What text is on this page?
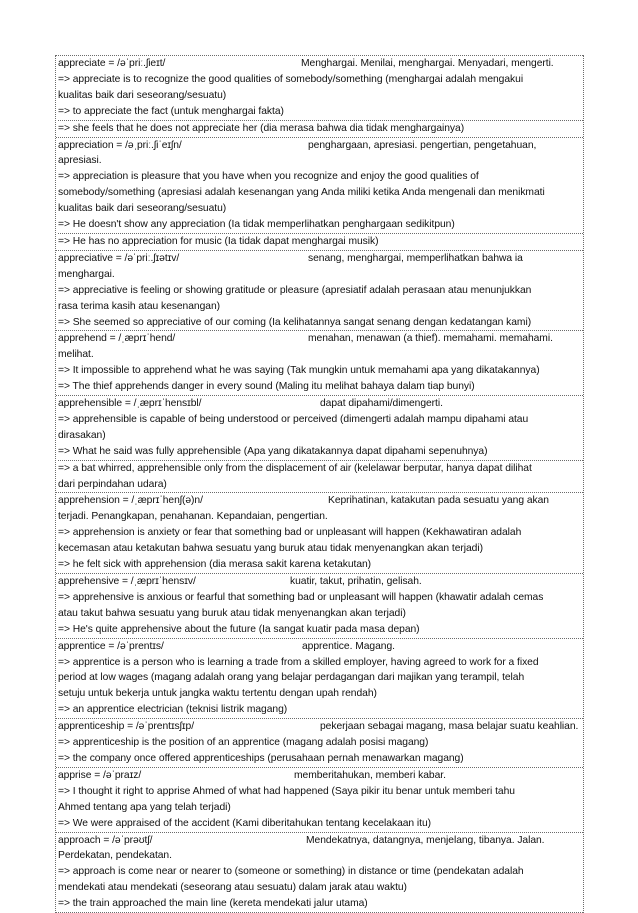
appreciate = /əˈpriː.ʃieɪt/	Menghargai. Menilai, menghargai. Menyadari, mengerti.
=> appreciate is to recognize the good qualities of somebody/something (menghargai adalah mengakui
kualitas baik dari seseorang/sesuatu)
=> to appreciate the fact (untuk menghargai fakta)
=> she feels that he does not appreciate her (dia merasa bahwa dia tidak menghargainya)
appreciation = /əˌpriː.ʃiˈeɪʃn/	penghargaan, apresiasi. pengertian, pengetahuan,
apresiasi.
=> appreciation is pleasure that you have when you recognize and enjoy the good qualities of
somebody/something (apresiasi adalah kesenangan yang Anda miliki ketika Anda mengenali dan menikmati
kualitas baik dari seseorang/sesuatu)
=> He doesn't show any appreciation (Ia tidak memperlihatkan penghargaan sedikitpun)
=> He has no appreciation for music (Ia tidak dapat menghargai musik)
appreciative = /əˈpriː.ʃɪətɪv/	senang, menghargai, memperlihatkan bahwa ia
menghargai.
=> appreciative is feeling or showing gratitude or pleasure (apresiatif adalah perasaan atau menunjukkan
rasa terima kasih atau kesenangan)
=> She seemed so appreciative of our coming (Ia kelihatannya sangat senang dengan kedatangan kami)
apprehend = /ˌæprɪˈhend/	menahan, menawan (a thief). memahami. memahami.
melihat.
=> It impossible to apprehend what he was saying (Tak mungkin untuk memahami apa yang dikatakannya)
=> The thief apprehends danger in every sound (Maling itu melihat bahaya dalam tiap bunyi)
apprehensible = /ˌæprɪˈhensɪbl/	dapat dipahami/dimengerti.
=> apprehensible is capable of being understood or perceived (dimengerti adalah mampu dipahami atau
dirasakan)
=> What he said was fully apprehensible (Apa yang dikatakannya dapat dipahami sepenuhnya)
=> a bat whirred, apprehensible only from the displacement of air (kelelawar berputar, hanya dapat dilihat
dari perpindahan udara)
apprehension = /ˌæprɪˈhenʃ(ə)n/	Keprihatinan, katakutan pada sesuatu yang akan
terjadi. Penangkapan, penahanan. Kepandaian, pengertian.
=> apprehension is anxiety or fear that something bad or unpleasant will happen (Kekhawatiran adalah
kecemasan atau ketakutan bahwa sesuatu yang buruk atau tidak menyenangkan akan terjadi)
=> he felt sick with apprehension (dia merasa sakit karena ketakutan)
apprehensive = /ˌæprɪˈhensɪv/	kuatir, takut, prihatin, gelisah.
=> apprehensive is anxious or fearful that something bad or unpleasant will happen (khawatir adalah cemas
atau takut bahwa sesuatu yang buruk atau tidak menyenangkan akan terjadi)
=> He's quite apprehensive about the future (Ia sangat kuatir pada masa depan)
apprentice = /əˈprentɪs/	apprentice. Magang.
=> apprentice is a person who is learning a trade from a skilled employer, having agreed to work for a fixed
period at low wages (magang adalah orang yang belajar perdagangan dari majikan yang terampil, telah
setuju untuk bekerja untuk jangka waktu tertentu dengan upah rendah)
=> an apprentice electrician (teknisi listrik magang)
apprenticeship = /əˈprentɪsʃɪp/	pekerjaan sebagai magang, masa belajar suatu keahlian.
=> apprenticeship is the position of an apprentice (magang adalah posisi magang)
=> the company once offered apprenticeships (perusahaan pernah menawarkan magang)
apprise = /əˈpraɪz/	memberitahukan, memberi kabar.
=> I thought it right to apprise Ahmed of what had happened (Saya pikir itu benar untuk memberi tahu
Ahmed tentang apa yang telah terjadi)
=> We were appraised of the accident (Kami diberitahukan tentang kecelakaan itu)
approach = /əˈprəʊtʃ/	Mendekatnya, datangnya, menjelang, tibanya. Jalan.
Perdekatan, pendekatan.
=> approach is come near or nearer to (someone or something) in distance or time (pendekatan adalah
mendekati atau mendekati (seseorang atau sesuatu) dalam jarak atau waktu)
=> the train approached the main line (kereta mendekati jalur utama)
